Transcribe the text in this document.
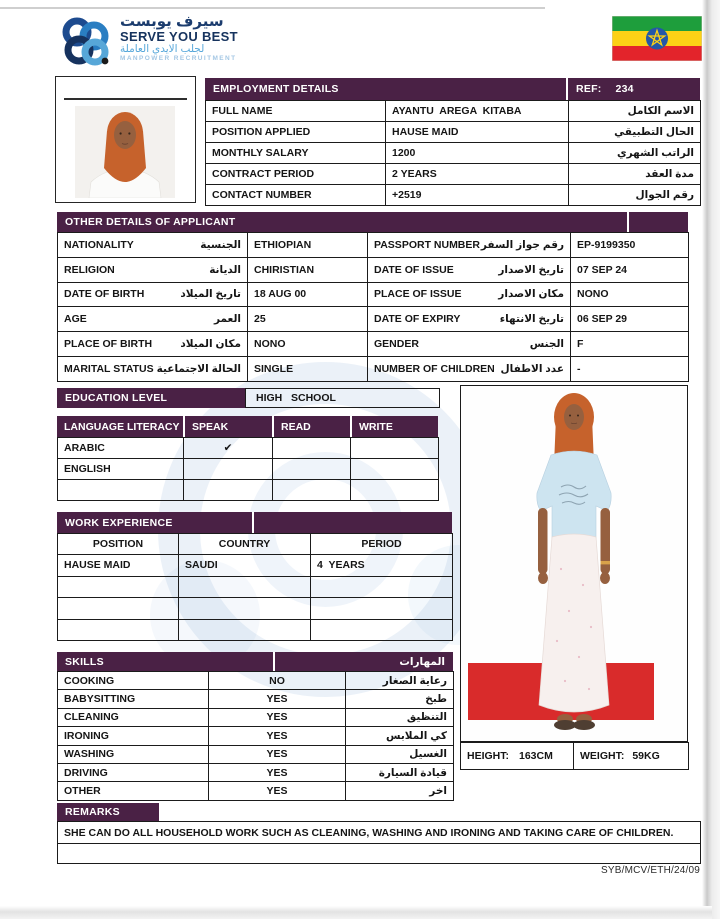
سيرف يوبست
SERVE YOU BEST
لجلب الايدي العاملة
MANPOWER RECRUITMENT
EMPLOYMENT DETAILS	REF: 234
FULL NAME	AYANTU  AREGA  KITABA	الاسم الكامل
POSITION APPLIED	HAUSE MAID	الحال التطبيقي
MONTHLY SALARY	1200	الراتب الشهري
CONTRACT PERIOD	2 YEARS	مدة العقد
CONTACT NUMBER	+2519	رقم الجوال
OTHER DETAILS OF APPLICANT
NATIONALITY الجنسية	ETHIOPIAN	PASSPORT NUMBER رقم جواز السفر	EP-9199350
RELIGION الديانة	CHIRISTIAN	DATE OF ISSUE تاريخ الاصدار	07 SEP 24
DATE OF BIRTH تاريخ الميلاد	18 AUG 00	PLACE OF ISSUE مكان الاصدار	NONO
AGE العمر	25	DATE OF EXPIRY تاريخ الانتهاء	06 SEP 29
PLACE OF BIRTH مكان الميلاد	NONO	GENDER الجنس	F
MARITAL STATUS الحالة الاجتماعية	SINGLE	NUMBER OF CHILDREN عدد الاطفال	-
EDUCATION LEVEL	HIGH   SCHOOL
LANGUAGE LITERACY	SPEAK	READ	WRITE
ARABIC	✔		
ENGLISH			

WORK EXPERIENCE
POSITION	COUNTRY	PERIOD
HAUSE MAID	SAUDI	4  YEARS

SKILLS	المهارات
COOKING	NO	رعاية الصغار
BABYSITTING	YES	طبخ
CLEANING	YES	التنظيق
IRONING	YES	كي الملابس
WASHING	YES	الغسيل
DRIVING	YES	قيادة السيارة
OTHER	YES	اخر
HEIGHT: 163CM	WEIGHT: 59KG
REMARKS
SHE CAN DO ALL HOUSEHOLD WORK SUCH AS CLEANING, WASHING AND IRONING AND TAKING CARE OF CHILDREN.

SYB/MCV/ETH/24/09
